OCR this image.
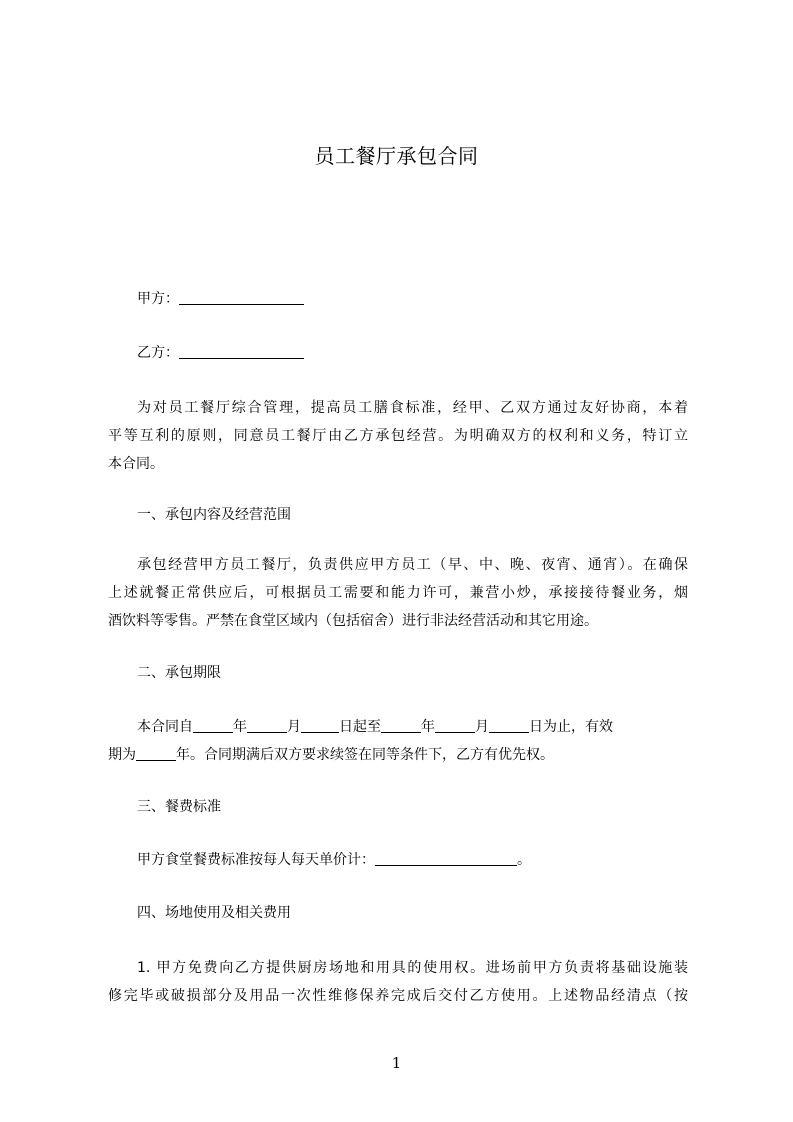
员工餐厅承包合同
甲方：
乙方：
为对员工餐厅综合管理，提高员工膳食标准，经甲、乙双方通过友好协商，本着
平等互利的原则，同意员工餐厅由乙方承包经营。为明确双方的权利和义务，特订立
本合同。
一、承包内容及经营范围
承包经营甲方员工餐厅，负责供应甲方员工（早、中、晚、夜宵、通宵）。在确保
上述就餐正常供应后，可根据员工需要和能力许可，兼营小炒，承接接待餐业务，烟
酒饮料等零售。严禁在食堂区域内（包括宿舍）进行非法经营活动和其它用途。
二、承包期限
本合同自	年	月	日起至	年	月	日为止，有效
期为	年。合同期满后双方要求续签在同等条件下，乙方有优先权。
三、餐费标准
甲方食堂餐费标准按每人每天单价计：	。
四、场地使用及相关费用
1. 甲方免费向乙方提供厨房场地和用具的使用权。进场前甲方负责将基础设施装
修完毕或破损部分及用品一次性维修保养完成后交付乙方使用。上述物品经清点（按
1
